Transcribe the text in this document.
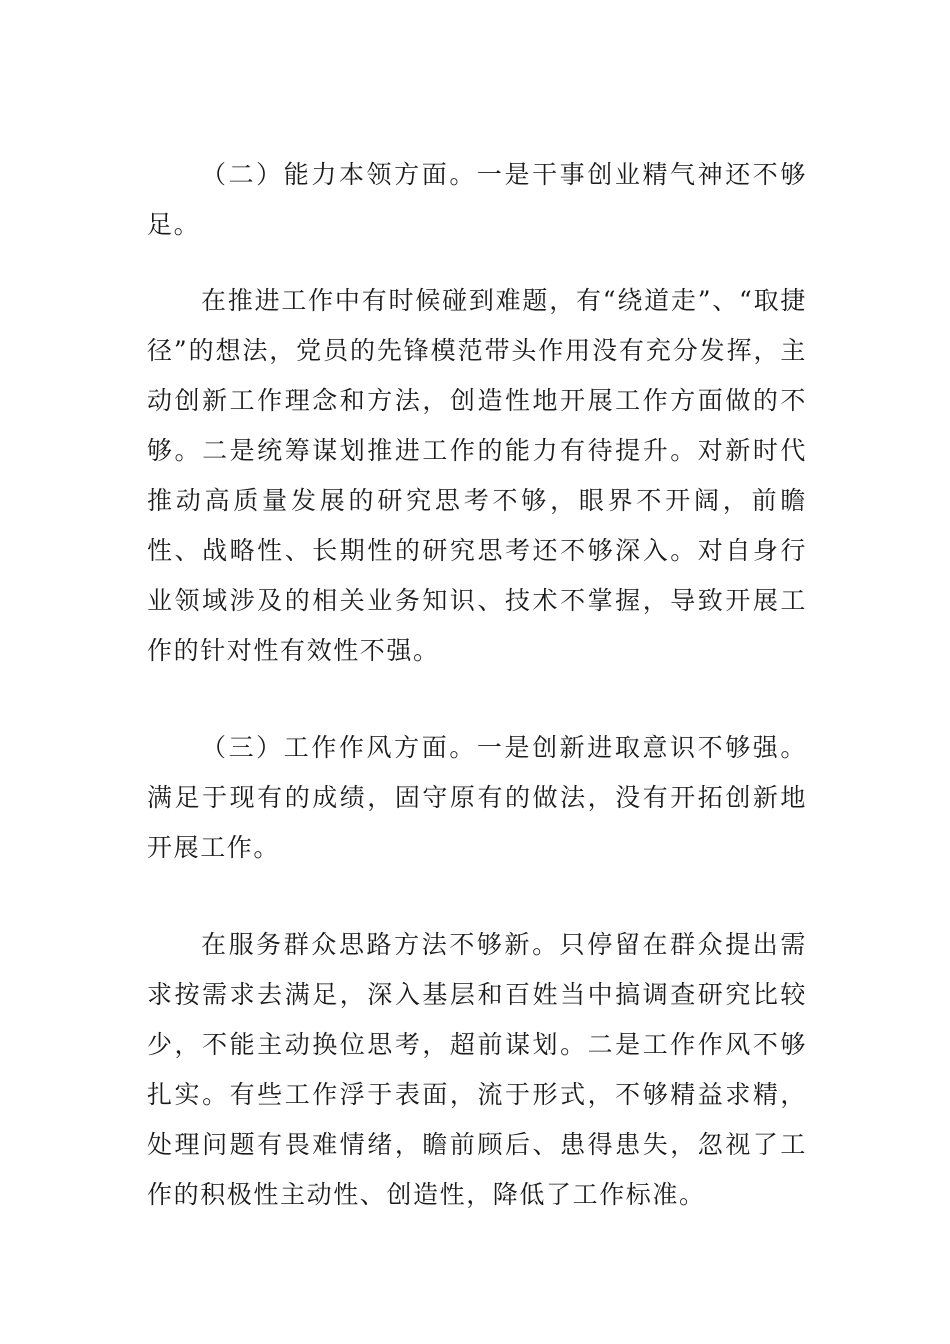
（二）能力本领方面。一是干事创业精气神还不够足。

在推进工作中有时候碰到难题，有“绕道走”、“取捷径”的想法，党员的先锋模范带头作用没有充分发挥，主动创新工作理念和方法，创造性地开展工作方面做的不够。二是统筹谋划推进工作的能力有待提升。对新时代推动高质量发展的研究思考不够，眼界不开阔，前瞻性、战略性、长期性的研究思考还不够深入。对自身行业领域涉及的相关业务知识、技术不掌握，导致开展工作的针对性有效性不强。

（三）工作作风方面。一是创新进取意识不够强。满足于现有的成绩，固守原有的做法，没有开拓创新地开展工作。

在服务群众思路方法不够新。只停留在群众提出需求按需求去满足，深入基层和百姓当中搞调查研究比较少，不能主动换位思考，超前谋划。二是工作作风不够扎实。有些工作浮于表面，流于形式，不够精益求精，处理问题有畏难情绪，瞻前顾后、患得患失，忽视了工作的积极性主动性、创造性，降低了工作标准。
